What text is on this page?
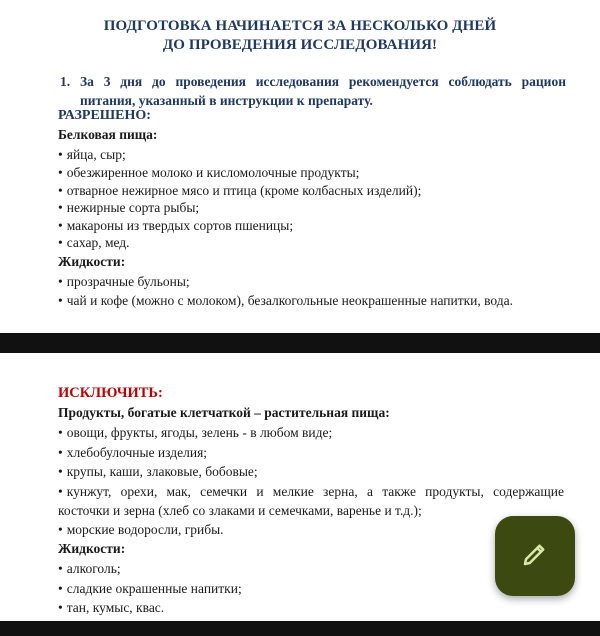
ПОДГОТОВКА НАЧИНАЕТСЯ ЗА НЕСКОЛЬКО ДНЕЙ
ДО ПРОВЕДЕНИЯ ИССЛЕДОВАНИЯ!
1. За 3 дня до проведения исследования рекомендуется соблюдать рацион питания, указанный в инструкции к препарату.
РАЗРЕШЕНО:
Белковая пища:
• яйца, сыр;
• обезжиренное молоко и кисломолочные продукты;
• отварное нежирное мясо и птица (кроме колбасных изделий);
• нежирные сорта рыбы;
• макароны из твердых сортов пшеницы;
• сахар, мед.
Жидкости:
• прозрачные бульоны;
• чай и кофе (можно с молоком), безалкогольные неокрашенные напитки, вода.
ИСКЛЮЧИТЬ:
Продукты, богатые клетчаткой – растительная пища:
• овощи, фрукты, ягоды, зелень - в любом виде;
• хлебобулочные изделия;
• крупы, каши, злаковые, бобовые;
• кунжут, орехи, мак, семечки и мелкие зерна, а также продукты, содержащие
косточки и зерна (хлеб со злаками и семечками, варенье и т.д.);
• морские водоросли, грибы.
Жидкости:
• алкоголь;
• сладкие окрашенные напитки;
• тан, кумыс, квас.
